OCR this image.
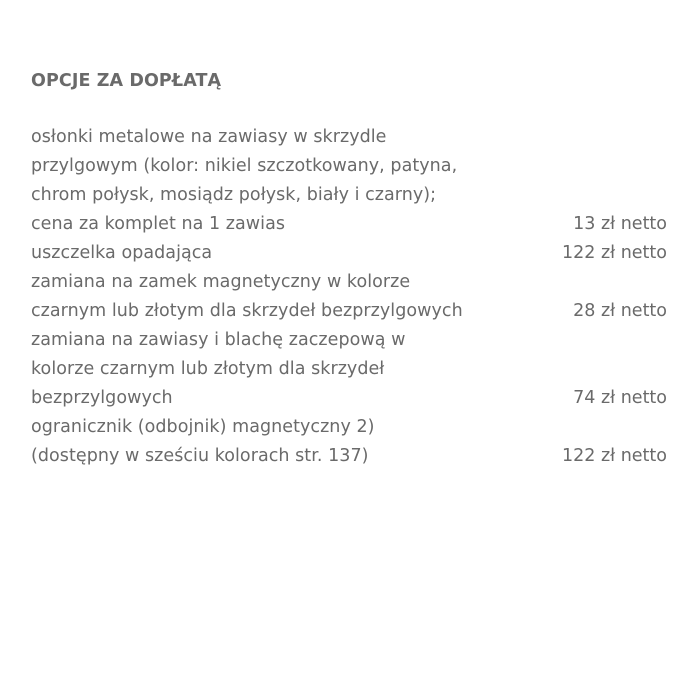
OPCJE ZA DOPŁATĄ
osłonki metalowe na zawiasy w skrzydle
przylgowym (kolor: nikiel szczotkowany, patyna,
chrom połysk, mosiądz połysk, biały i czarny);
cena za komplet na 1 zawias	13 zł netto
uszczelka opadająca	122 zł netto
zamiana na zamek magnetyczny w kolorze
czarnym lub złotym dla skrzydeł bezprzylgowych	28 zł netto
zamiana na zawiasy i blachę zaczepową w
kolorze czarnym lub złotym dla skrzydeł
bezprzylgowych	74 zł netto
ogranicznik (odbojnik) magnetyczny 2)
(dostępny w sześciu kolorach str. 137)	122 zł netto
